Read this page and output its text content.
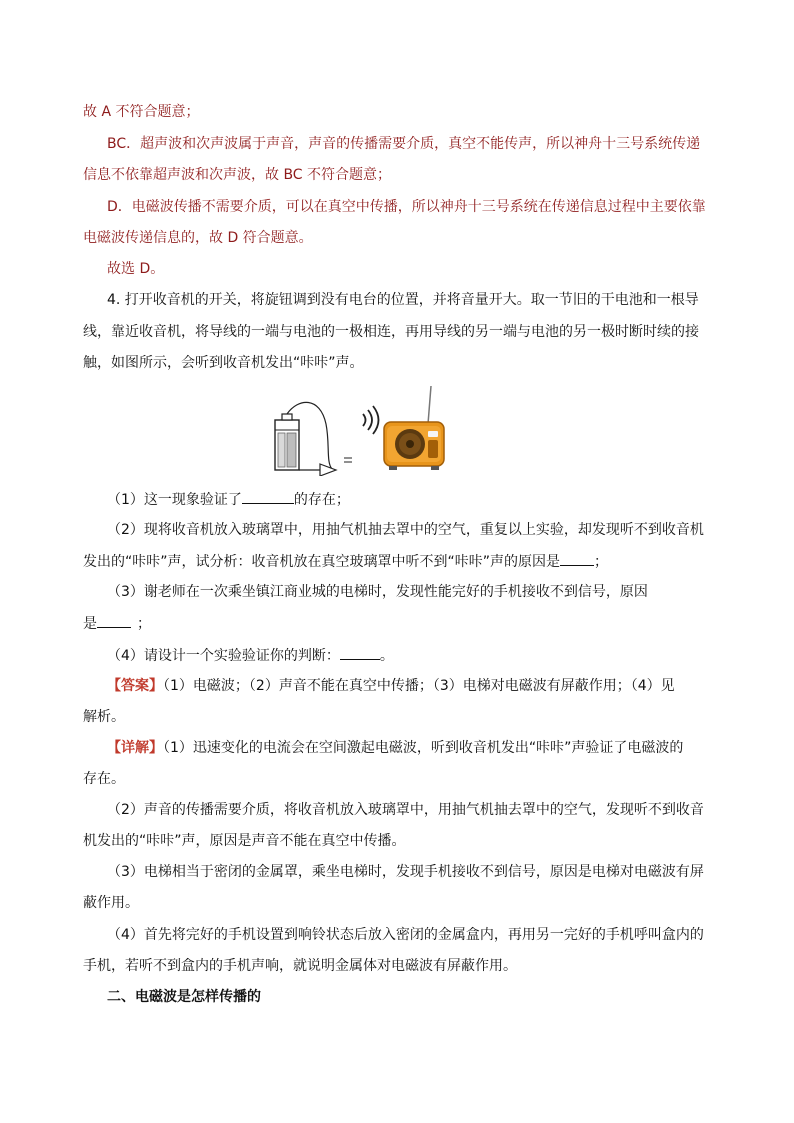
故 A 不符合题意；
BC．超声波和次声波属于声音，声音的传播需要介质，真空不能传声，所以神舟十三号系统传递
信息不依靠超声波和次声波，故 BC 不符合题意；
D．电磁波传播不需要介质，可以在真空中传播，所以神舟十三号系统在传递信息过程中主要依靠
电磁波传递信息的，故 D 符合题意。
故选 D。
4. 打开收音机的开关，将旋钮调到没有电台的位置，并将音量开大。取一节旧的干电池和一根导
线，靠近收音机，将导线的一端与电池的一极相连，再用导线的另一端与电池的另一极时断时续的接
触，如图所示，会听到收音机发出“咔咔”声。
（1）这一现象验证了	的存在；
（2）现将收音机放入玻璃罩中，用抽气机抽去罩中的空气，重复以上实验，却发现听不到收音机
发出的“咔咔”声，试分析：收音机放在真空玻璃罩中听不到“咔咔”声的原因是 ；
（3）谢老师在一次乘坐镇江商业城的电梯时，发现性能完好的手机接收不到信号，原因
是	；
（4）请设计一个实验验证你的判断：	。
【答案】（1）电磁波；（2）声音不能在真空中传播；（3）电梯对电磁波有屏蔽作用；（4）见
解析。
【详解】（1）迅速变化的电流会在空间激起电磁波，听到收音机发出“咔咔”声验证了电磁波的
存在。
（2）声音的传播需要介质，将收音机放入玻璃罩中，用抽气机抽去罩中的空气，发现听不到收音
机发出的“咔咔”声，原因是声音不能在真空中传播。
（3）电梯相当于密闭的金属罩，乘坐电梯时，发现手机接收不到信号，原因是电梯对电磁波有屏
蔽作用。
（4）首先将完好的手机设置到响铃状态后放入密闭的金属盒内，再用另一完好的手机呼叫盒内的
手机，若听不到盒内的手机声响，就说明金属体对电磁波有屏蔽作用。
二、电磁波是怎样传播的
